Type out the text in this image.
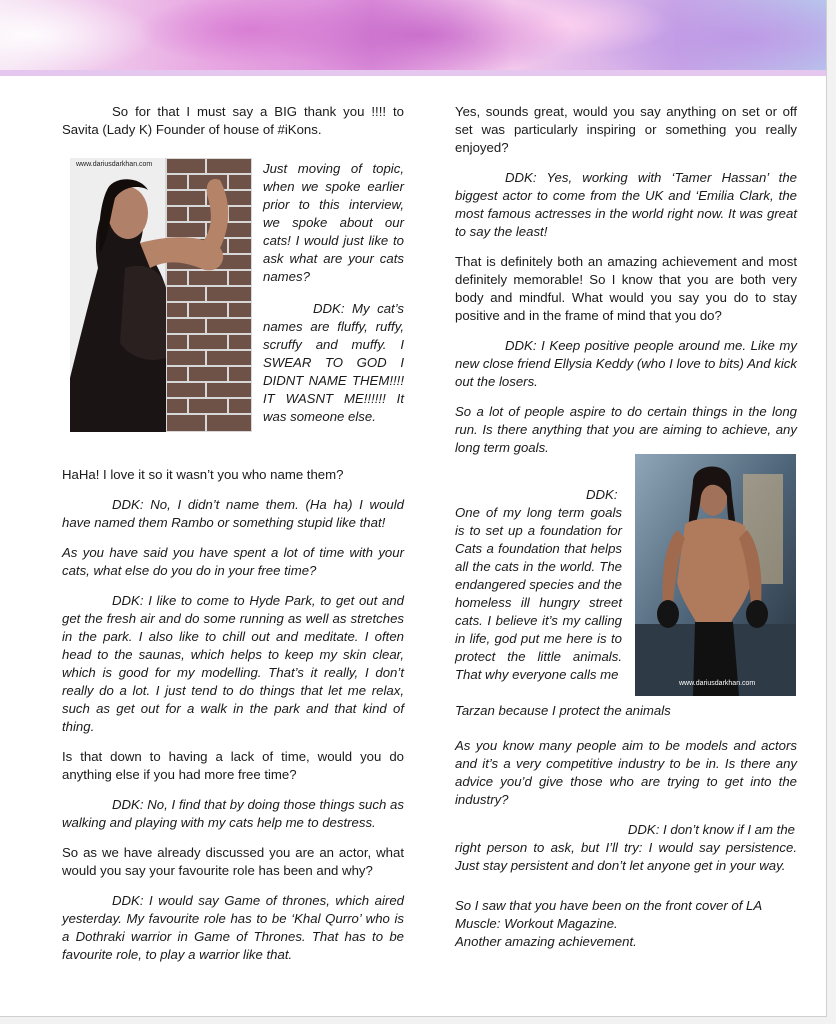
So for that I must say a BIG thank you !!!! to Savita (Lady K) Founder of house of #iKons.

www.dariusdarkhan.com	Just moving of topic, when we spoke earlier prior to this interview, we spoke about our cats! I would just like to ask what are your cats names?
DDK: My cat’s names are fluffy, ruffy, scruffy and muffy. I SWEAR TO GOD I DIDNT NAME THEM!!!! IT WASNT ME!!!!!! It was someone else.

HaHa! I love it so it wasn’t you who name them?

DDK: No, I didn’t name them. (Ha ha) I would have named them Rambo or something stupid like that!

As you have said you have spent a lot of time with your cats, what else do you do in your free time?

DDK: I like to come to Hyde Park, to get out and get the fresh air and do some running as well as stretches in the park. I also like to chill out and meditate. I often head to the saunas, which helps to keep my skin clear, which is good for my modelling. That’s it really, I don’t really do a lot. I just tend to do things that let me relax, such as get out for a walk in the park and that kind of thing.

Is that down to having a lack of time, would you do anything else if you had more free time?

DDK: No, I find that by doing those things such as walking and playing with my cats help me to destress.

So as we have already discussed you are an actor, what would you say your favourite role has been and why?

DDK: I would say Game of thrones, which aired yesterday. My favourite role has to be ‘Khal Qurro’ who is a Dothraki warrior in Game of Thrones. That has to be favourite role, to play a warrior like that.

Yes, sounds great, would you say anything on set or off set was particularly inspiring or something you really enjoyed?

DDK: Yes, working with ‘Tamer Hassan’ the biggest actor to come from the UK and ‘Emilia Clark, the most famous actresses in the world right now. It was great to say the least!

That is definitely both an amazing achievement and most definitely memorable! So I know that you are both very body and mindful. What would you say you do to stay positive and in the frame of mind that you do?

DDK: I Keep positive people around me. Like my new close friend Ellysia Keddy (who I love to bits) And kick out the losers.

So a lot of people aspire to do certain things in the long run. Is there anything that you are aiming to achieve, any long term goals.

www.dariusdarkhan.com
DDK:
One of my long term goals is to set up a foundation for Cats a foundation that helps all the cats in the world. The endangered species and the homeless ill hungry street cats. I believe it’s my calling in life, god put me here is to protect the little animals. That why everyone calls me
Tarzan because I protect the animals

As you know many people aim to be models and actors and it’s a very competitive industry to be in. Is there any advice you’d give those who are trying to get into the industry?

DDK: I don’t know if I am the

right person to ask, but I’ll try: I would say persistence. Just stay persistent and don’t let anyone get in your way.

So I saw that you have been on the front cover of LA Muscle: Workout Magazine.
Another amazing achievement.
